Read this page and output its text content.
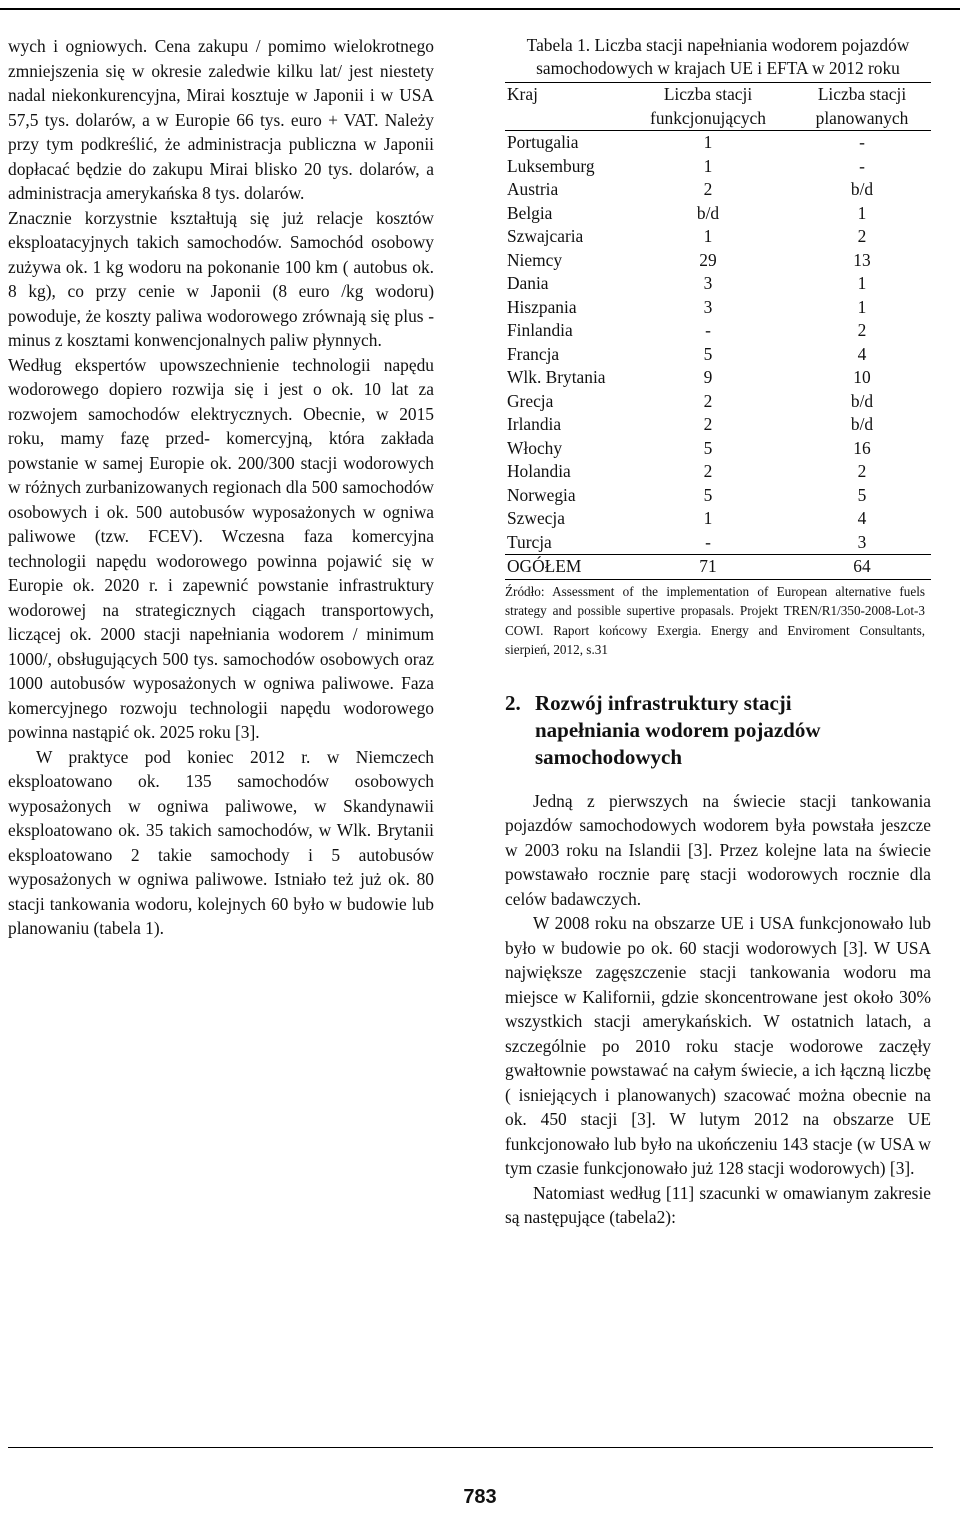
wych i ogniowych. Cena zakupu / pomimo wielokrotnego zmniejszenia się w okresie zaledwie kilku lat/ jest niestety nadal niekonkurencyjna, Mirai kosztuje w Japonii i w USA 57,5 tys. dolarów, a w Europie 66 tys. euro + VAT. Należy przy tym podkreślić, że administracja publiczna w Japonii dopłacać będzie do zakupu Mirai blisko 20 tys. dolarów, a administracja amerykańska 8 tys. dolarów.

Znacznie korzystnie kształtują się już relacje kosztów eksploatacyjnych takich samochodów. Samochód osobowy zużywa ok. 1 kg wodoru na pokonanie 100 km ( autobus ok. 8 kg), co przy cenie w Japonii (8 euro /kg wodoru) powoduje, że koszty paliwa wodorowego zrównają się plus - minus z kosztami konwencjonalnych paliw płynnych.

Według ekspertów upowszechnienie technologii napędu wodorowego dopiero rozwija się i jest o ok. 10 lat za rozwojem samochodów elektrycznych. Obecnie, w 2015 roku, mamy fazę przed- komercyjną, która zakłada powstanie w samej Europie ok. 200/300 stacji wodorowych w różnych zurbanizowanych regionach dla 500 samochodów osobowych i ok. 500 autobusów wyposażonych w ogniwa paliwowe (tzw. FCEV). Wczesna faza komercyjna technologii napędu wodorowego powinna pojawić się w Europie ok. 2020 r. i zapewnić powstanie infrastruktury wodorowej na strategicznych ciągach transportowych, liczącej ok. 2000 stacji napełniania wodorem / minimum 1000/, obsługujących 500 tys. samochodów osobowych oraz 1000 autobusów wyposażonych w ogniwa paliwowe. Faza komercyjnego rozwoju technologii napędu wodorowego powinna nastąpić ok. 2025 roku [3].

W praktyce pod koniec 2012 r. w Niemczech eksploatowano ok. 135 samochodów osobowych wyposażonych w ogniwa paliwowe, w Skandynawii eksploatowano ok. 35 takich samochodów, w Wlk. Brytanii eksploatowano 2 takie samochody i 5 autobusów wyposażonych w ogniwa paliwowe. Istniało też już ok. 80 stacji tankowania wodoru, kolejnych 60 było w budowie lub planowaniu (tabela 1).

Tabela 1. Liczba stacji napełniania wodorem pojazdów samochodowych w krajach UE i EFTA w 2012 roku
Kraj	Liczba stacji funkcjonujących	Liczba stacji planowanych
Portugalia	1	-
Luksemburg	1	-
Austria	2	b/d
Belgia	b/d	1
Szwajcaria	1	2
Niemcy	29	13
Dania	3	1
Hiszpania	3	1
Finlandia	-	2
Francja	5	4
Wlk. Brytania	9	10
Grecja	2	b/d
Irlandia	2	b/d
Włochy	5	16
Holandia	2	2
Norwegia	5	5
Szwecja	1	4
Turcja	-	3
OGÓŁEM	71	64
Źródło: Assessment of the implementation of European alternative fuels strategy and possible supertive propasals. Projekt TREN/R1/350-2008-Lot-3 COWI. Raport końcowy Exergia. Energy and Enviroment Consultants, sierpień, 2012, s.31
2. Rozwój infrastruktury stacji napełniania wodorem pojazdów samochodowych

Jedną z pierwszych na świecie stacji tankowania pojazdów samochodowych wodorem była powstała jeszcze w 2003 roku na Islandii [3]. Przez kolejne lata na świecie powstawało rocznie parę stacji wodorowych rocznie dla celów badawczych.

W 2008 roku na obszarze UE i USA funkcjonowało lub było w budowie po ok. 60 stacji wodorowych [3]. W USA największe zagęszczenie stacji tankowania wodoru ma miejsce w Kalifornii, gdzie skoncentrowane jest około 30% wszystkich stacji amerykańskich. W ostatnich latach, a szczególnie po 2010 roku stacje wodorowe zaczęły gwałtownie powstawać na całym świecie, a ich łączną liczbę ( isniejących i planowanych) szacować można obecnie na ok. 450 stacji [3]. W lutym 2012 na obszarze UE funkcjonowało lub było na ukończeniu 143 stacje (w USA w tym czasie funkcjonowało już 128 stacji wodorowych) [3].

Natomiast według [11] szacunki w omawianym zakresie są następujące (tabela2):

783
